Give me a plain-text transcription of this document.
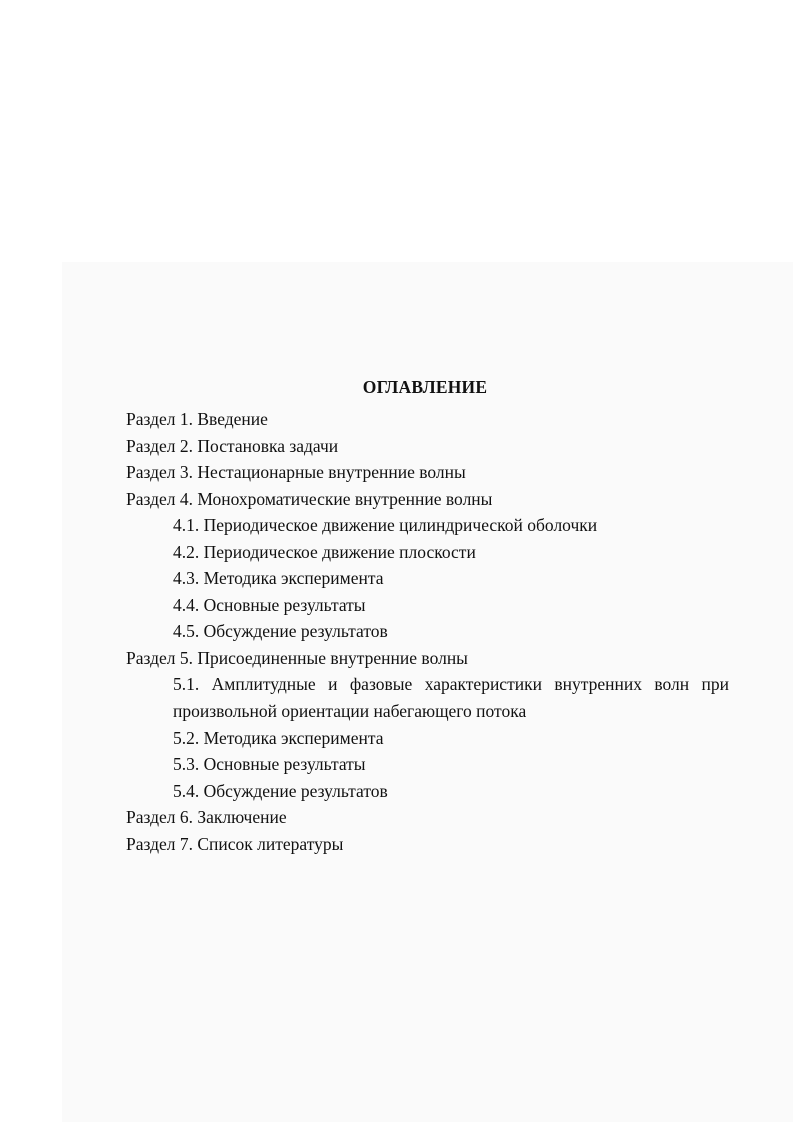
ОГЛАВЛЕНИЕ
Раздел 1. Введение
Раздел 2. Постановка задачи
Раздел 3. Нестационарные внутренние волны
Раздел 4. Монохроматические внутренние волны
4.1. Периодическое движение цилиндрической оболочки
4.2. Периодическое движение плоскости
4.3. Методика эксперимента
4.4. Основные результаты
4.5. Обсуждение результатов
Раздел 5. Присоединенные внутренние волны
5.1. Амплитудные и фазовые характеристики внутренних волн при
произвольной ориентации набегающего потока
5.2. Методика эксперимента
5.3. Основные результаты
5.4. Обсуждение результатов
Раздел 6. Заключение
Раздел 7. Список литературы
